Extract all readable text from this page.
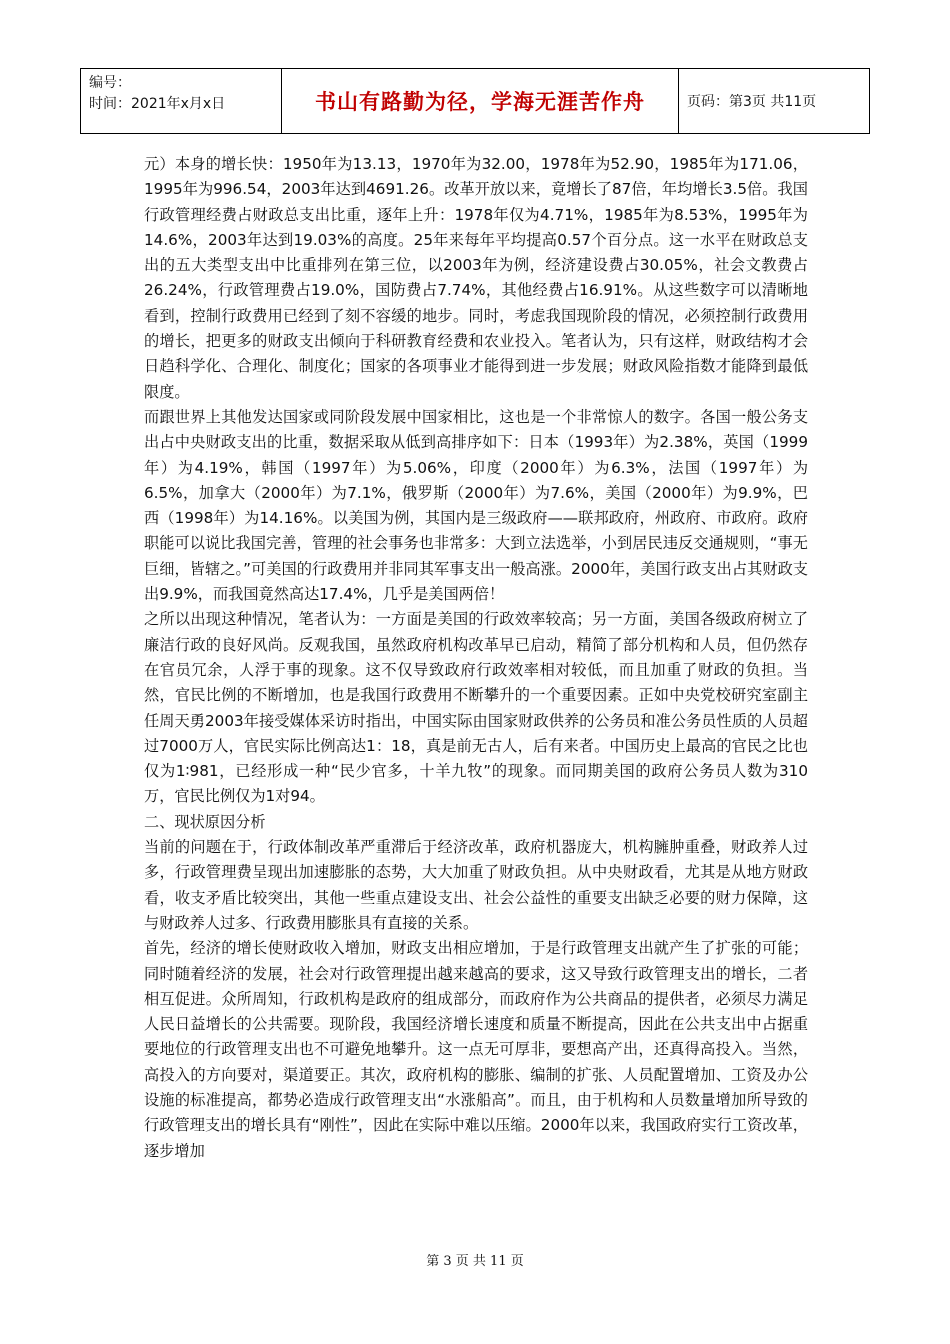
编号：
时间：2021年x月x日	书山有路勤为径，学海无涯苦作舟	页码：第3页 共11页

元）本身的增长快：1950年为13.13，1970年为32.00，1978年为52.90，1985年为171.06，1995年为996.54，2003年达到4691.26。改革开放以来，竟增长了87倍，年均增长3.5倍。我国行政管理经费占财政总支出比重，逐年上升：1978年仅为4.71%，1985年为8.53%，1995年为14.6%，2003年达到19.03%的高度。25年来每年平均提高0.57个百分点。这一水平在财政总支出的五大类型支出中比重排列在第三位，以2003年为例，经济建设费占30.05%，社会文教费占26.24%，行政管理费占19.0%，国防费占7.74%，其他经费占16.91%。从这些数字可以清晰地看到，控制行政费用已经到了刻不容缓的地步。同时，考虑我国现阶段的情况，必须控制行政费用的增长，把更多的财政支出倾向于科研教育经费和农业投入。笔者认为，只有这样，财政结构才会日趋科学化、合理化、制度化；国家的各项事业才能得到进一步发展；财政风险指数才能降到最低限度。

而跟世界上其他发达国家或同阶段发展中国家相比，这也是一个非常惊人的数字。各国一般公务支出占中央财政支出的比重，数据采取从低到高排序如下：日本（1993年）为2.38%，英国（1999年）为4.19%，韩国（1997年）为5.06%，印度（2000年）为6.3%，法国（1997年）为6.5%，加拿大（2000年）为7.1%，俄罗斯（2000年）为7.6%，美国（2000年）为9.9%，巴西（1998年）为14.16%。以美国为例，其国内是三级政府——联邦政府，州政府、市政府。政府职能可以说比我国完善，管理的社会事务也非常多：大到立法选举，小到居民违反交通规则，“事无巨细，皆辖之。”可美国的行政费用并非同其军事支出一般高涨。2000年，美国行政支出占其财政支出9.9%，而我国竟然高达17.4%，几乎是美国两倍！

之所以出现这种情况，笔者认为：一方面是美国的行政效率较高；另一方面，美国各级政府树立了廉洁行政的良好风尚。反观我国，虽然政府机构改革早已启动，精简了部分机构和人员，但仍然存在官员冗余，人浮于事的现象。这不仅导致政府行政效率相对较低，而且加重了财政的负担。当然，官民比例的不断增加，也是我国行政费用不断攀升的一个重要因素。正如中央党校研究室副主任周天勇2003年接受媒体采访时指出，中国实际由国家财政供养的公务员和准公务员性质的人员超过7000万人，官民实际比例高达1：18，真是前无古人，后有来者。中国历史上最高的官民之比也仅为1∶981，已经形成一种“民少官多，十羊九牧”的现象。而同期美国的政府公务员人数为310万，官民比例仅为1对94。

二、现状原因分析

当前的问题在于，行政体制改革严重滞后于经济改革，政府机器庞大，机构臃肿重叠，财政养人过多，行政管理费呈现出加速膨胀的态势，大大加重了财政负担。从中央财政看，尤其是从地方财政看，收支矛盾比较突出，其他一些重点建设支出、社会公益性的重要支出缺乏必要的财力保障，这与财政养人过多、行政费用膨胀具有直接的关系。

首先，经济的增长使财政收入增加，财政支出相应增加，于是行政管理支出就产生了扩张的可能；同时随着经济的发展，社会对行政管理提出越来越高的要求，这又导致行政管理支出的增长，二者相互促进。众所周知，行政机构是政府的组成部分，而政府作为公共商品的提供者，必须尽力满足人民日益增长的公共需要。现阶段，我国经济增长速度和质量不断提高，因此在公共支出中占据重要地位的行政管理支出也不可避免地攀升。这一点无可厚非，要想高产出，还真得高投入。当然，高投入的方向要对，渠道要正。其次，政府机构的膨胀、编制的扩张、人员配置增加、工资及办公设施的标准提高，都势必造成行政管理支出“水涨船高”。而且，由于机构和人员数量增加所导致的行政管理支出的增长具有“刚性”，因此在实际中难以压缩。2000年以来，我国政府实行工资改革，逐步增加

第 3 页 共 11 页
